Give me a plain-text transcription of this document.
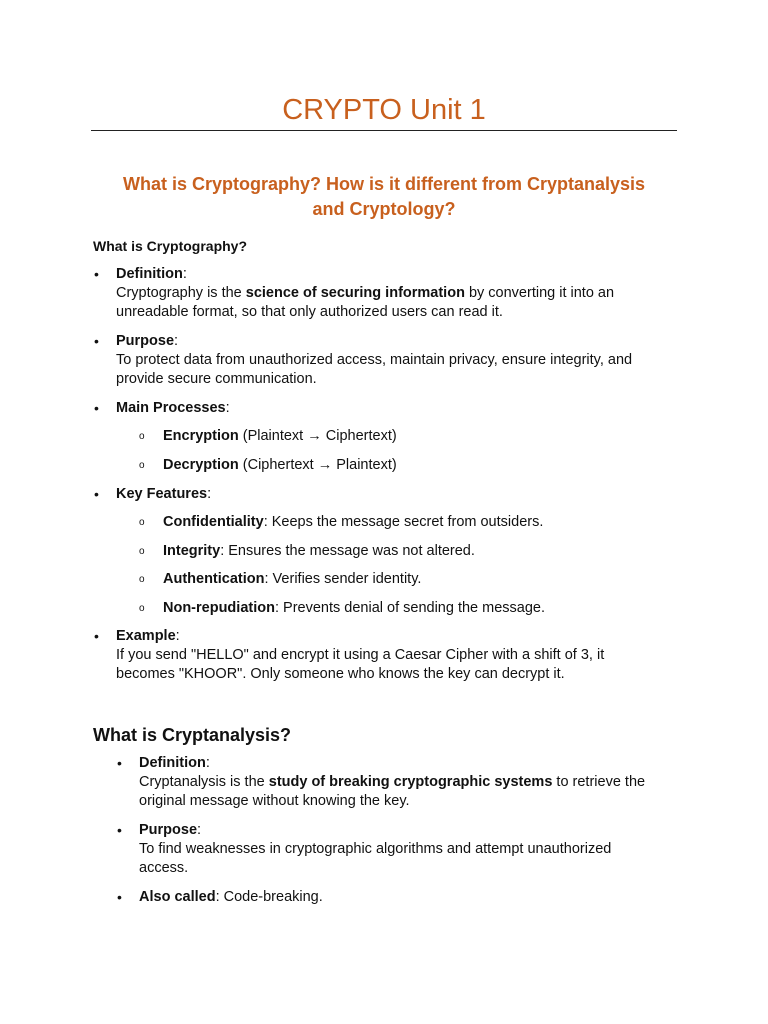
CRYPTO Unit 1
What is Cryptography? How is it different from Cryptanalysis
and Cryptology?
What is Cryptography?
• Definition:
Cryptography is the science of securing information by converting it into an
unreadable format, so that only authorized users can read it.
• Purpose:
To protect data from unauthorized access, maintain privacy, ensure integrity, and
provide secure communication.
• Main Processes:
o Encryption (Plaintext → Ciphertext)
o Decryption (Ciphertext → Plaintext)
• Key Features:
o Confidentiality: Keeps the message secret from outsiders.
o Integrity: Ensures the message was not altered.
o Authentication: Verifies sender identity.
o Non-repudiation: Prevents denial of sending the message.
• Example:
If you send "HELLO" and encrypt it using a Caesar Cipher with a shift of 3, it
becomes "KHOOR". Only someone who knows the key can decrypt it.
What is Cryptanalysis?
• Definition:
Cryptanalysis is the study of breaking cryptographic systems to retrieve the
original message without knowing the key.
• Purpose:
To find weaknesses in cryptographic algorithms and attempt unauthorized
access.
• Also called: Code-breaking.
